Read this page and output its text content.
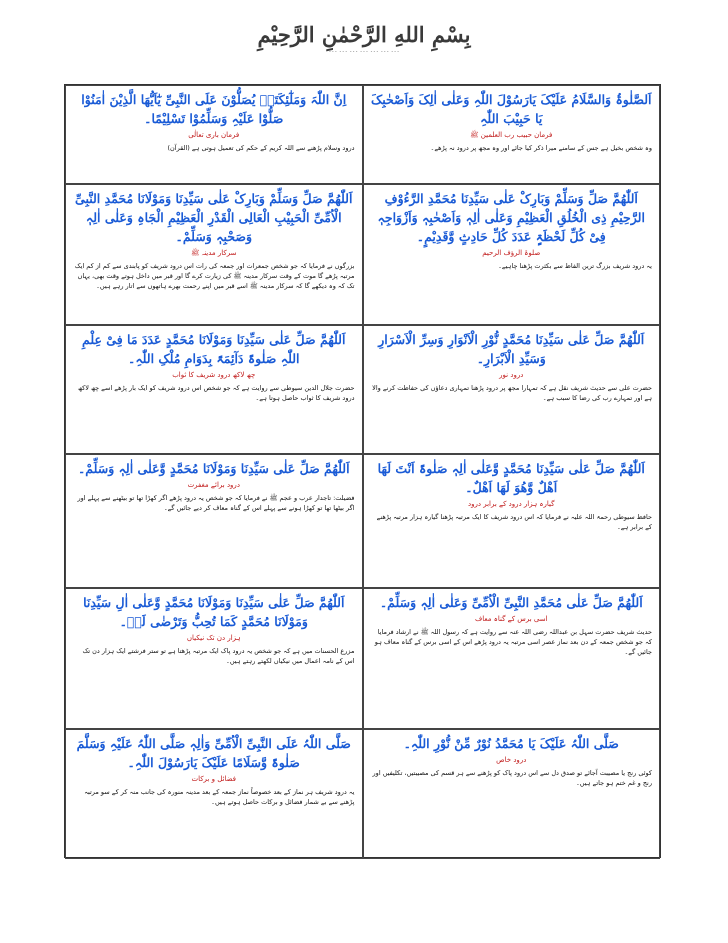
بِسْمِ اللهِ الرَّحْمٰنِ الرَّحِيْمِ
۔۔۔ ۔۔۔ ۔۔۔ ۔۔۔ ۔۔۔ ۔۔۔ ۔۔۔
اِنَّ اللّٰہَ وَمَلٰٓئِکَتَہٗ یُصَلُّوْنَ عَلَی النَّبِیِّ یٰٓاَیُّھَا الَّذِیْنَ اٰمَنُوْا صَلُّوْا عَلَیْہِ وَسَلِّمُوْا تَسْلِیْمًا۔
فرمان باری تعالٰی
درود وسلام پڑھنے سے اللہ کریم کے حکم کی تعمیل ہوتی ہے (القرآن)
اَلصَّلٰوۃُ وَالسَّلَامُ عَلَیْکَ یَارَسُوْلَ اللّٰہِ وَعَلٰی اٰلِکَ وَاَصْحٰبِکَ یَا حَبِیْبَ اللّٰہِ
فرمان حبیب رب العلمین ﷺ
وہ شخص بخیل ہے جس کے سامنے میرا ذکر کیا جائے اور وہ مجھ پر درود نہ پڑھے۔
اَللّٰھُمَّ صَلِّ وَسَلِّمْ وَبَارِکْ عَلٰی سَیِّدِنَا وَمَوْلَانَا مُحَمَّدِ النَّبِیِّ الْاُمِّیِّ الْحَبِیْبِ الْعَالِی الْقَدْرِ الْعَظِیْمِ الْجَاہِ وَعَلٰی اٰلِہٖ وَصَحْبِہٖ وَسَلِّمْ۔
سرکار مدینہ ﷺ
بزرگوں نے فرمایا کہ جو شخص جمعرات اور جمعہ کی رات اس درود شریف کو پابندی سے کم از کم ایک مرتبہ پڑھے گا موت کے وقت سرکار مدینہ ﷺ کی زیارت کرے گا اور قبر میں داخل ہوتے وقت بھی، یہاں تک کہ وہ دیکھے گا کہ سرکار مدینہ ﷺ اسے قبر میں اپنے رحمت بھرے ہاتھوں سے اتار رہے ہیں۔
اَللّٰھُمَّ صَلِّ وَسَلِّمْ وَبَارِکْ عَلٰی سَیِّدِنَا مُحَمَّدِ الرَّءُوْفِ الرَّحِیْمِ ذِی الْخُلُقِ الْعَظِیْمِ وَعَلٰی اٰلِہٖ وَاَصْحٰبِہٖ وَاَزْوَاجِہٖ فِیْ کُلِّ لَحْظَۃٍ عَدَدَ کُلِّ حَادِثٍ وَّقَدِیْمٍ۔
صلوۃ الرؤف الرحیم
یہ درود شریف بزرگ ترین الفاظ سے بکثرت پڑھنا چاہیے۔
اَللّٰھُمَّ صَلِّ عَلٰی سَیِّدِنَا وَمَوْلَانَا مُحَمَّدٍ عَدَدَ مَا فِیْ عِلْمِ اللّٰہِ صَلٰوۃً دَآئِمَۃً بِدَوَامِ مُلْکِ اللّٰہِ۔
چھ لاکھ درود شریف کا ثواب
حضرت جلال الدین سیوطی سے روایت ہے کہ جو شخص اس درود شریف کو ایک بار پڑھے اسے چھ لاکھ درود شریف کا ثواب حاصل ہوتا ہے۔
اَللّٰھُمَّ صَلِّ عَلٰی سَیِّدِنَا مُحَمَّدٍ نُّوْرِ الْاَنْوَارِ وَسِرِّ الْاَسْرَارِ وَسَیِّدِ الْاَبْرَارِ۔
درود نور
حضرت علی سے حدیث شریف نقل ہے کہ تمہارا مجھ پر درود پڑھنا تمہاری دعاؤں کی حفاظت کرنے والا ہے اور تمہارے رب کی رضا کا سبب ہے۔
اَللّٰھُمَّ صَلِّ عَلٰی سَیِّدِنَا وَمَوْلَانَا مُحَمَّدٍ وَّعَلٰی اٰلِہٖ وَسَلِّمْ۔
درود برائے مغفرت
فضیلت: تاجدار عرب و عجم ﷺ نے فرمایا کہ جو شخص یہ درود پڑھے اگر کھڑا تھا تو بیٹھنے سے پہلے اور اگر بیٹھا تھا تو کھڑا ہونے سے پہلے اس کے گناہ معاف کر دیے جائیں گے۔
اَللّٰھُمَّ صَلِّ عَلٰی سَیِّدِنَا مُحَمَّدٍ وَّعَلٰی اٰلِہٖ صَلٰوۃً اَنْتَ لَھَا اَھْلٌ وَّھُوَ لَھَا اَھْلٌ۔
گیارہ ہزار درود کے برابر درود
حافظ سیوطی رحمۃ اللہ علیہ نے فرمایا کہ اس درود شریف کا ایک مرتبہ پڑھنا گیارہ ہزار مرتبہ پڑھنے کے برابر ہے۔
اَللّٰھُمَّ صَلِّ عَلٰی سَیِّدِنَا وَمَوْلَانَا مُحَمَّدٍ وَّعَلٰی اٰلِ سَیِّدِنَا وَمَوْلَانَا مُحَمَّدٍ کَمَا تُحِبُّ وَتَرْضٰی لَہٗ۔
ہزار دن تک نیکیاں
مزرع الحسنات میں ہے کہ جو شخص یہ درود پاک ایک مرتبہ پڑھتا ہے تو ستر فرشتے ایک ہزار دن تک اس کے نامہ اعمال میں نیکیاں لکھتے رہتے ہیں۔
اَللّٰھُمَّ صَلِّ عَلٰی مُحَمَّدِ النَّبِیِّ الْاُمِّیِّ وَعَلٰی اٰلِہٖ وَسَلِّمْ۔
اسی برس کے گناہ معاف
حدیث شریف حضرت سہل بن عبداللہ رضی اللہ عنہ سے روایت ہے کہ رسول اللہ ﷺ نے ارشاد فرمایا کہ جو شخص جمعہ کے دن بعد نماز عصر اسی مرتبہ یہ درود پڑھے اس کے اسی برس کے گناہ معاف ہو جائیں گے۔
صَلَّی اللّٰہُ عَلَی النَّبِیِّ الْاُمِّیِّ وَاٰلِہٖ صَلَّی اللّٰہُ عَلَیْہِ وَسَلَّمَ صَلٰوۃً وَّسَلَامًا عَلَیْکَ یَارَسُوْلَ اللّٰہِ۔
فضائل و برکات
یہ درود شریف ہر نماز کے بعد خصوصاً نماز جمعہ کے بعد مدینہ منورہ کی جانب منہ کر کے سو مرتبہ پڑھنے سے بے شمار فضائل و برکات حاصل ہوتے ہیں۔
صَلَّی اللّٰہُ عَلَیْکَ یَا مُحَمَّدُ نُوْرٌ مِّنْ نُّوْرِ اللّٰہِ۔
درود خاص
کوئی رنج یا مصیبت آجائے تو صدق دل سے اس درود پاک کو پڑھنے سے ہر قسم کی مصیبتیں، تکلیفیں اور رنج و غم ختم ہو جاتے ہیں۔
